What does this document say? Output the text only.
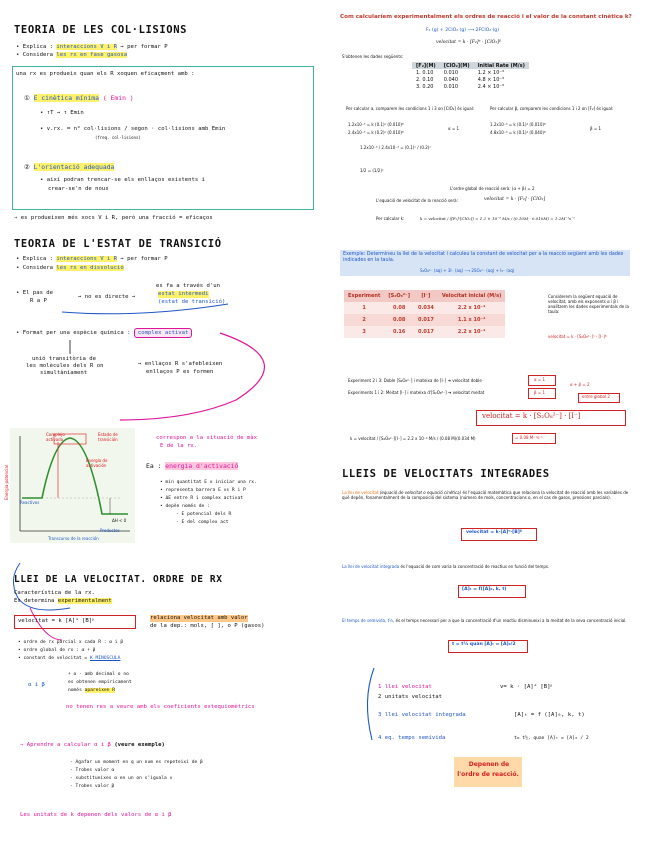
TEORIA DE LES COL·LISIONS
• Explica : interaccions V i R → per formar P
• Considera les rx en fase gasosa
una rx es produeix quan els R xoquen eficaçment amb :
① E cinètica mínima ( Emin )
• ↑T → ↑ Emin
• v.rx. = n° col·lisions / segon · col·lisions amb Emin
(freq. col·lisions)
② L'orientació adequada
• així podran trencar-se els enllaços existents i
crear-se'n de nous
⇒ es produeixen més xocs V i R, però una fracció = eficaços
TEORIA DE L'ESTAT DE TRANSICIÓ
• Explica : interaccions V i R → per formar P
• Considera les rx en dissolució
• El pas de
R a P
→ no es directe →
es fa a través d'un
estat intermedi
(estat de transició)
• Format per una espècie química : complex activat
unió transitòria de
les molècules dels R on
simultàniament
→ enllaços R s'afebleixen
enllaços P es formen
Energia potencial
Complejo activado
Estado de transición
Energía de activación
Reactivos
ΔH < 0
Productos
Transcurso de la reacción
correspon a la situació de màx
E de la rx.
Ea : energia d'activació
• min quantitat E x iniciar una rx.
• representa barrera E vs R i P
• ΔE entre R i complex activat
• depèn només de :
- E potencial dels R
- E del complex act
LLEI DE LA VELOCITAT. ORDRE DE RX
Característica de la rx.
Es determina experimentalment
velocitat = k [A]ᵅ [B]ᵝ	relaciona velocitat amb valor
de la dep.: mols, [ ], o P (gasos)
• ordre de rx parcial x cada R : α i β
• ordre global de rx : α + β
• constant de velocitat = K MINÚSCULA
α i β
+ o - amb decimal o no
es obtenen empíricament
només apareixen R
no tenen res a veure amb els coeficients estequiomètrics
⇒ Aprendre a calcular α i β (veure exemple)
- Agafar un moment en q un num es repeteixi de β
- Trobes valor α
- substitueixes α en un on s'iguala v
- Trobes valor β
Les unitats de k depenen dels valors de α i β
Com calcularíem experimentalment els ordres de reacció i el valor de la constant cinètica k?
F₂ (g) + 2ClO₂ (g) ⟶ 2FClO₂ (g)
velocitat = k · [F₂]ᵅ · [ClO₂]ᵝ
S'obtenen les dades següents:
[F₂](M)	[ClO₂](M)	Initial Rate (M/s)
1. 0.10	0.010	1.2 × 10⁻³
2. 0.10	0.040	4.8 × 10⁻³
3. 0.20	0.010	2.4 × 10⁻³
Per calcular α, comparem les condicions 1 i 3 on [ClO₂] és igual:
1.2x10⁻³ = k (0.1)ᵅ (0.010)ᵝ
2.4x10⁻³ = k (0.2)ᵅ (0.010)ᵝ
α = 1
1.2x10⁻³ / 2.4x10⁻³ = (0.1)ᵅ / (0.2)ᵅ
1/2 = (1/2)ᵅ
Per calcular β, comparem les condicions 1 i 2 on [F₂] és igual:
1.2x10⁻³ = k (0.1)¹ (0.010)ᵝ
4.8x10⁻³ = k (0.1)¹ (0.040)ᵝ
β = 1
L'ordre global de reacció serà: (α + β) = 2
L'equació de velocitat de la reacció serà:	velocitat = k · [F₂] · [ClO₂]
Per calcular k:	k = velocitat / ([F₂]·[ClO₂]) = 1.2 × 10⁻³ M/s / (0.10M · 0.010M) = 1.2M⁻¹s⁻¹
Exemple: Determineu la llei de la velocitat i calculeu la constant de velocitat per a la reacció següent amb les dades indicades en la taula.
S₂O₈²⁻ (aq) + 3I⁻ (aq) ⟶ 2SO₄²⁻ (aq) + I₃⁻ (aq)
Experiment	[S₂O₈²⁻]	[I⁻]	Velocitat inicial (M/s)
1	0.08	0.034	2.2 x 10⁻⁴
2	0.08	0.017	1.1 x 10⁻⁴
3	0.16	0.017	2.2 x 10⁻⁴
Considerem la següent equació de velocitat, amb els exponents α i β i analitzem les dades experimentals de la taula:
velocitat = k · [S₂O₈²⁻]ᵅ · [I⁻]ᵝ
Experiment 2 i 3: Doble [S₂O₈²⁻] i mateixa de [I⁻] ➔ velocitat doble
Experiments 1 i 2: Meitat [I⁻] i mateixa d'[S₂O₈²⁻] ➔ velocitat meitat
α = 1
β = 1
α + β = 2
ordre global 2
velocitat = k · [S₂O₈²⁻] · [I⁻]
k = velocitat / [S₂O₈²⁻][I⁻] = 2.2 x 10⁻⁴ M/s / (0.08 M)(0.034 M)	= 0.08 M⁻¹s⁻¹
LLEIS DE VELOCITATS INTEGRADES
La llei de velocitat (equació de velocitat o equació cinètica) és l'equació matemàtica que relaciona la velocitat de reacció amb les variables de què depèn, fonamentalment de la composició del sistema (número de mols, concentracions o, en el cas de gasos, pressions parcials).
velocitat = k·[A]ᵅ·[B]ᵝ
La llei de velocitat integrada és l'equació de com varia la concentració de reactius en funció del temps.
[A]ₜ = f([A]₀, k, t)
El temps de semivida, t½, és el temps necessari per a que la concentració d'un reactiu disminueixi a la meitat de la seva concentració inicial.
t = t½ quan [A]ₜ = [A]₀/2
1 llei velocitat	v= k · [A]ᵅ [B]ᵝ
2 unitats velocitat
3 llei velocitat integrada	[A]ₜ = f ([A]₀, k, t)
4 eq. temps semivida	t= t½, quan [A]ₜ = [A]₀ / 2
Depenen de
l'ordre de reacció.
